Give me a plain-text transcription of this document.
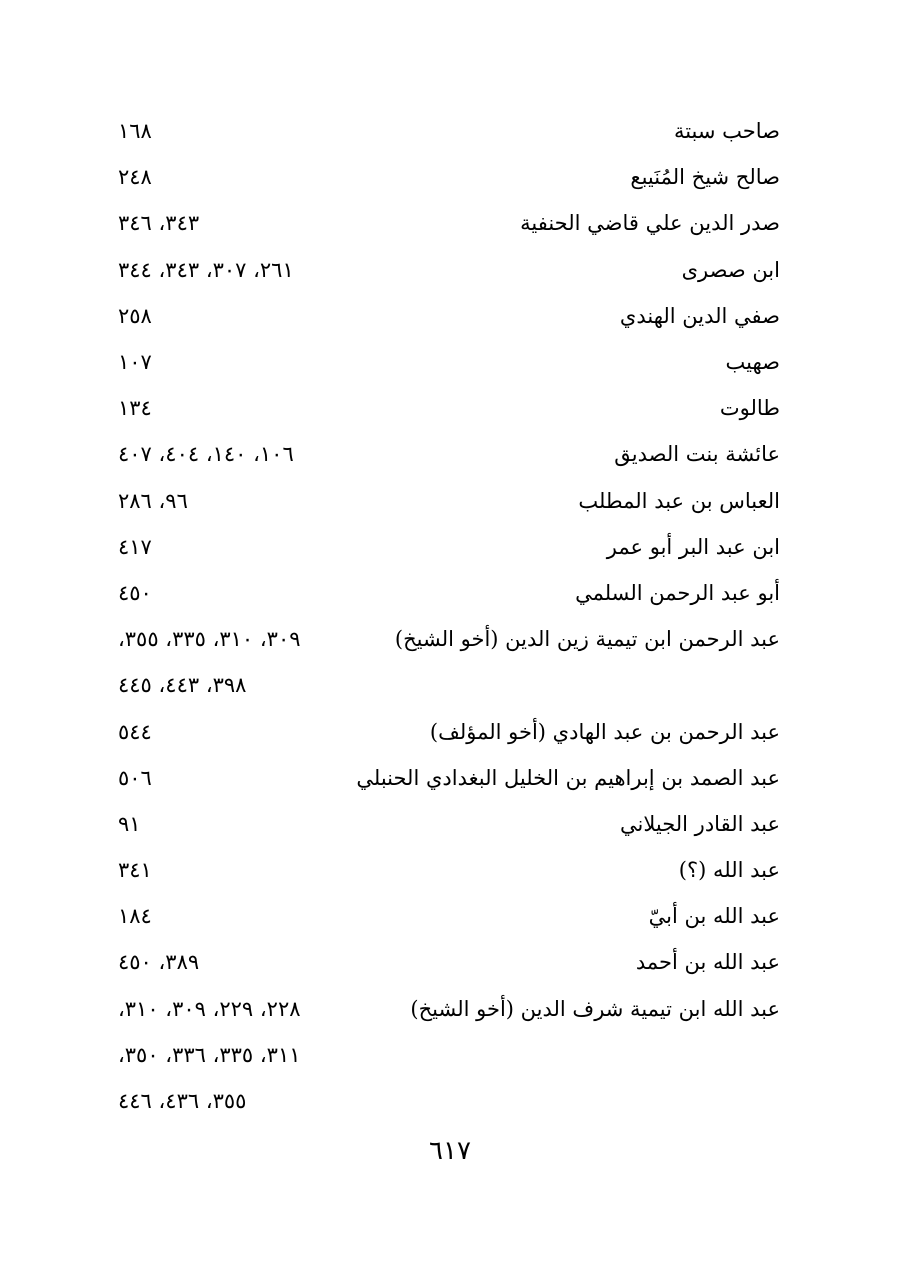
صاحب سبتة
١٦٨
صالح شيخ المُنَيبع
٢٤٨
صدر الدين علي قاضي الحنفية
٣٤٣، ٣٤٦
ابن صصرى
٢٦١، ٣٠٧، ٣٤٣، ٣٤٤
صفي الدين الهندي
٢٥٨
صهيب
١٠٧
طالوت
١٣٤
عائشة بنت الصديق
١٠٦، ١٤٠، ٤٠٤، ٤٠٧
العباس بن عبد المطلب
٩٦، ٢٨٦
ابن عبد البر أبو عمر
٤١٧
أبو عبد الرحمن السلمي
٤٥٠
عبد الرحمن ابن تيمية زين الدين (أخو الشيخ)
٣٠٩، ٣١٠، ٣٣٥، ٣٥٥،
٣٩٨، ٤٤٣، ٤٤٥
عبد الرحمن بن عبد الهادي (أخو المؤلف)
٥٤٤
عبد الصمد بن إبراهيم بن الخليل البغدادي الحنبلي
٥٠٦
عبد القادر الجيلاني
٩١
عبد الله (؟)
٣٤١
عبد الله بن أبيّ
١٨٤
عبد الله بن أحمد
٣٨٩، ٤٥٠
عبد الله ابن تيمية شرف الدين (أخو الشيخ)
٢٢٨، ٢٢٩، ٣٠٩، ٣١٠،
٣١١، ٣٣٥، ٣٣٦، ٣٥٠،
٣٥٥، ٤٣٦، ٤٤٦
٦١٧
